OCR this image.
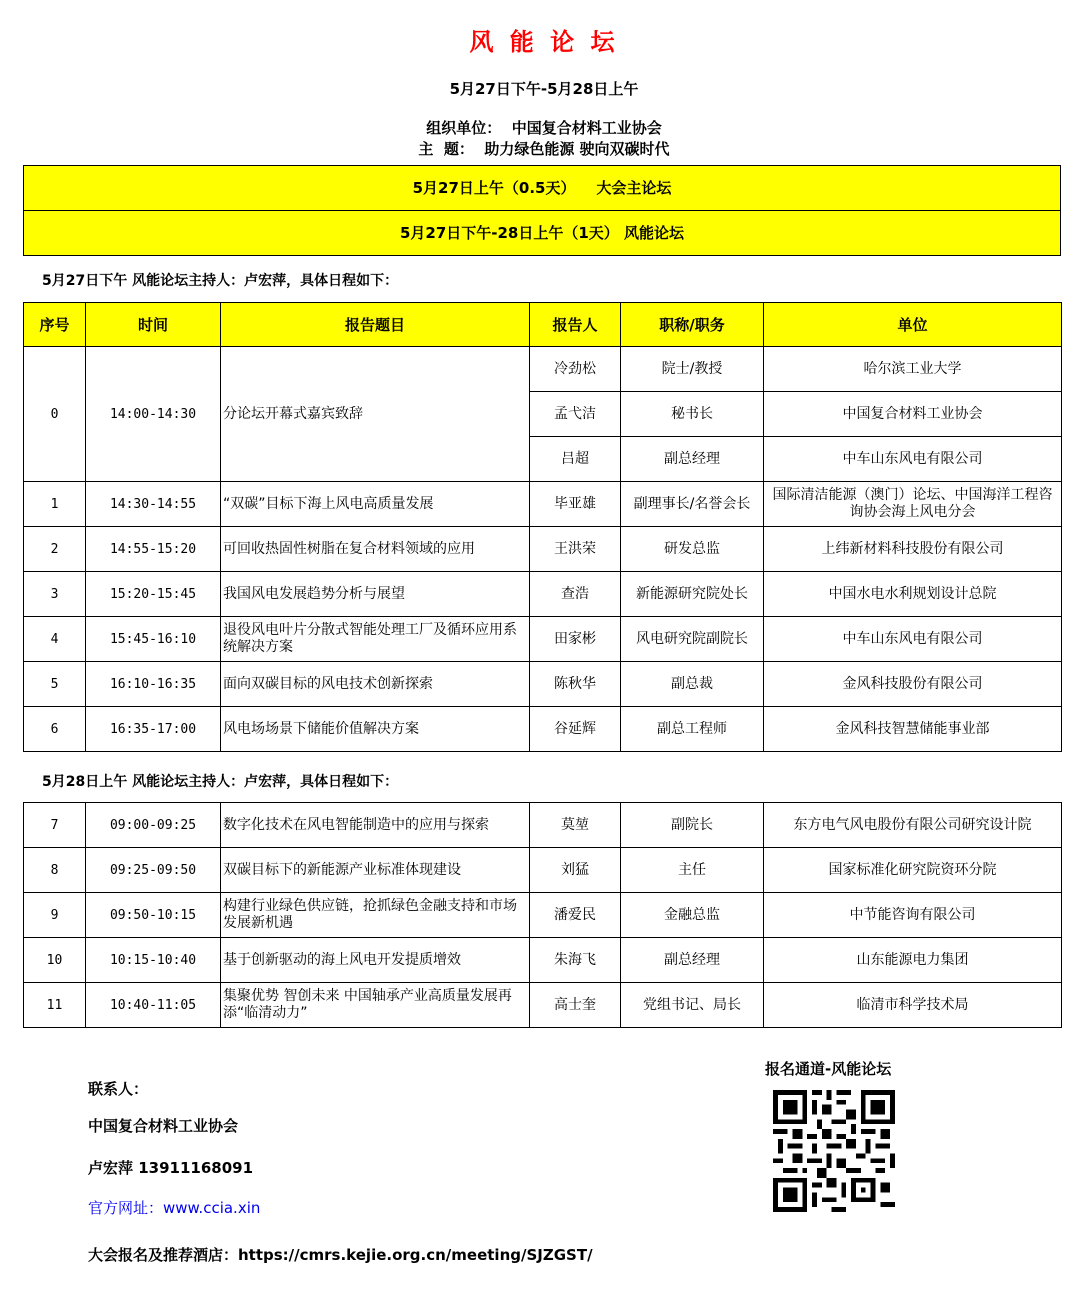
风 能 论 坛
5月27日下午-5月28日上午
组织单位： 中国复合材料工业协会
主  题： 助力绿色能源 驶向双碳时代
5月27日上午（0.5天）    大会主论坛
5月27日下午-28日上午（1天） 风能论坛
5月27日下午 风能论坛主持人：卢宏萍，具体日程如下：
序号	时间	报告题目	报告人	职称/职务	单位
0	14:00-14:30	分论坛开幕式嘉宾致辞	冷劲松	院士/教授	哈尔滨工业大学
			孟弋洁	秘书长	中国复合材料工业协会
			吕超	副总经理	中车山东风电有限公司
1	14:30-14:55	“双碳”目标下海上风电高质量发展	毕亚雄	副理事长/名誉会长	国际清洁能源（澳门）论坛、中国海洋工程咨询协会海上风电分会
2	14:55-15:20	可回收热固性树脂在复合材料领域的应用	王洪荣	研发总监	上纬新材料科技股份有限公司
3	15:20-15:45	我国风电发展趋势分析与展望	查浩	新能源研究院处长	中国水电水利规划设计总院
4	15:45-16:10	退役风电叶片分散式智能处理工厂及循环应用系统解决方案	田家彬	风电研究院副院长	中车山东风电有限公司
5	16:10-16:35	面向双碳目标的风电技术创新探索	陈秋华	副总裁	金风科技股份有限公司
6	16:35-17:00	风电场场景下储能价值解决方案	谷延辉	副总工程师	金风科技智慧储能事业部
5月28日上午 风能论坛主持人：卢宏萍，具体日程如下：
7	09:00-09:25	数字化技术在风电智能制造中的应用与探索	莫堃	副院长	东方电气风电股份有限公司研究设计院
8	09:25-09:50	双碳目标下的新能源产业标准体现建设	刘猛	主任	国家标准化研究院资环分院
9	09:50-10:15	构建行业绿色供应链，抢抓绿色金融支持和市场发展新机遇	潘爱民	金融总监	中节能咨询有限公司
10	10:15-10:40	基于创新驱动的海上风电开发提质增效	朱海飞	副总经理	山东能源电力集团
11	10:40-11:05	集聚优势 智创未来 中国轴承产业高质量发展再添“临清动力”	高士奎	党组书记、局长	临清市科学技术局
联系人：
中国复合材料工业协会
卢宏萍 13911168091
官方网址：www.ccia.xin
大会报名及推荐酒店：https://cmrs.kejie.org.cn/meeting/SJZGST/
报名通道-风能论坛
